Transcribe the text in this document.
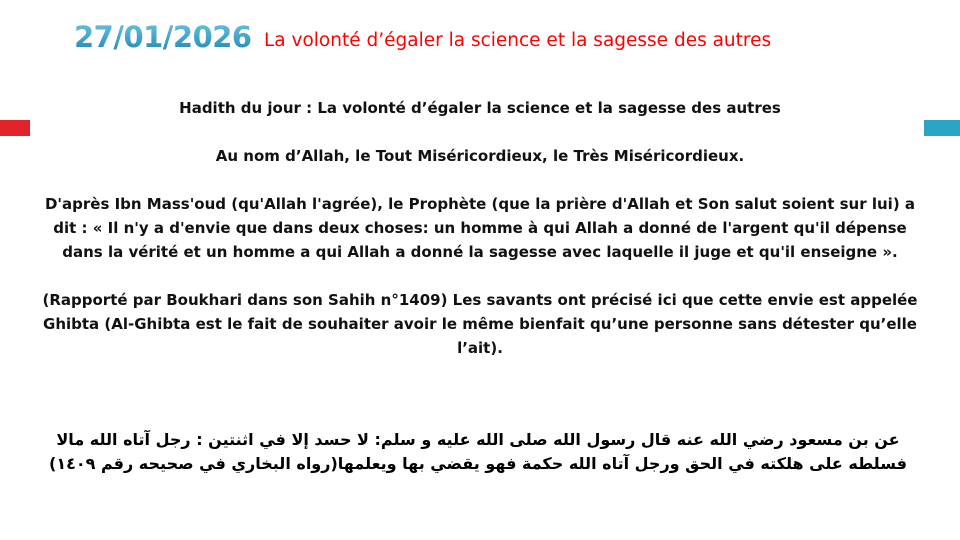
27/01/2026 La volonté d’égaler la science et la sagesse des autres

Hadith du jour : La volonté d’égaler la science et la sagesse des autres

Au nom d’Allah, le Tout Miséricordieux, le Très Miséricordieux.

D'après Ibn Mass'oud (qu'Allah l'agrée), le Prophète (que la prière d'Allah et Son salut soient sur lui) a dit : « Il n'y a d'envie que dans deux choses: un homme à qui Allah a donné de l'argent qu'il dépense dans la vérité et un homme a qui Allah a donné la sagesse avec laquelle il juge et qu'il enseigne ».

(Rapporté par Boukhari dans son Sahih n°1409) Les savants ont précisé ici que cette envie est appelée Ghibta (Al-Ghibta est le fait de souhaiter avoir le même bienfait qu’une personne sans détester qu’elle l’ait).

عن بن مسعود رضي الله عنه قال رسول الله صلى الله عليه و سلم: لا حسد إلا في اثنتين : رجل آتاه الله مالا فسلطه على هلكته في الحق ورجل آتاه الله حكمة فهو يقضي بها ويعلمها(رواه البخاري في صحيحه رقم ١٤٠٩)
